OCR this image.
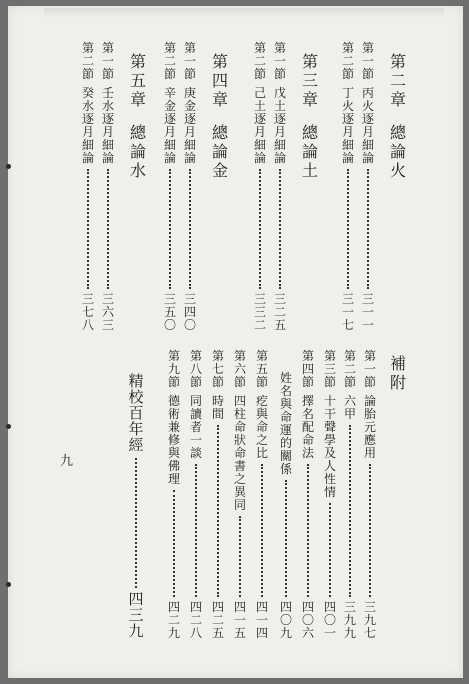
第
二
章

總
論
火
第
一
節
丙
火
逐
月
細
論
三
一
一
第
二
節
丁
火
逐
月
細
論
三
一
七
第
三
章

總
論
土
第
一
節
戊
土
逐
月
細
論
三
二
五
第
二
節
己
土
逐
月
細
論
三
三
二
第
四
章

總
論
金
第
一
節
庚
金
逐
月
細
論
三
四
〇
第
二
節
辛
金
逐
月
細
論
三
五
〇
第
五
章

總
論
水
第
一
節
壬
水
逐
月
細
論
三
六
三
第
二
節
癸
水
逐
月
細
論
三
七
八
補
附
第
一
節
論
胎
元
應
用
三
九
七
第
二
節
六
甲
三
九
九
第
三
節
十
干
聲
學
及
人
性
情
四
〇
一
第
四
節
擇
名
配
命
法
四
〇
六
姓
名
與
命
運
的
關
係
四
〇
九
第
五
節
疙
與
命
之
比
四
一
四
第
六
節
四
柱
命
狀
命
書
之
異
同
四
一
五
第
七
節
時
間
四
二
五
第
八
節
同
讀
者
一
談
四
二
八
第
九
節
德
術
兼
修
與
佛
理
四
二
九
精
校
百
年
經
四
三
九
九
